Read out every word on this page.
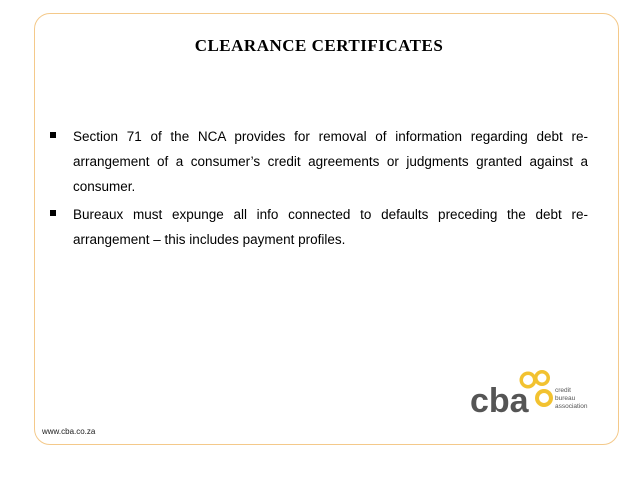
CLEARANCE CERTIFICATES
Section 71 of the NCA provides for removal of information regarding debt re-arrangement of a consumer’s credit agreements or judgments granted against a consumer.
Bureaux must expunge all info connected to defaults preceding the debt re-arrangement – this includes payment profiles.
www.cba.co.za
cba	credit
bureau
association
